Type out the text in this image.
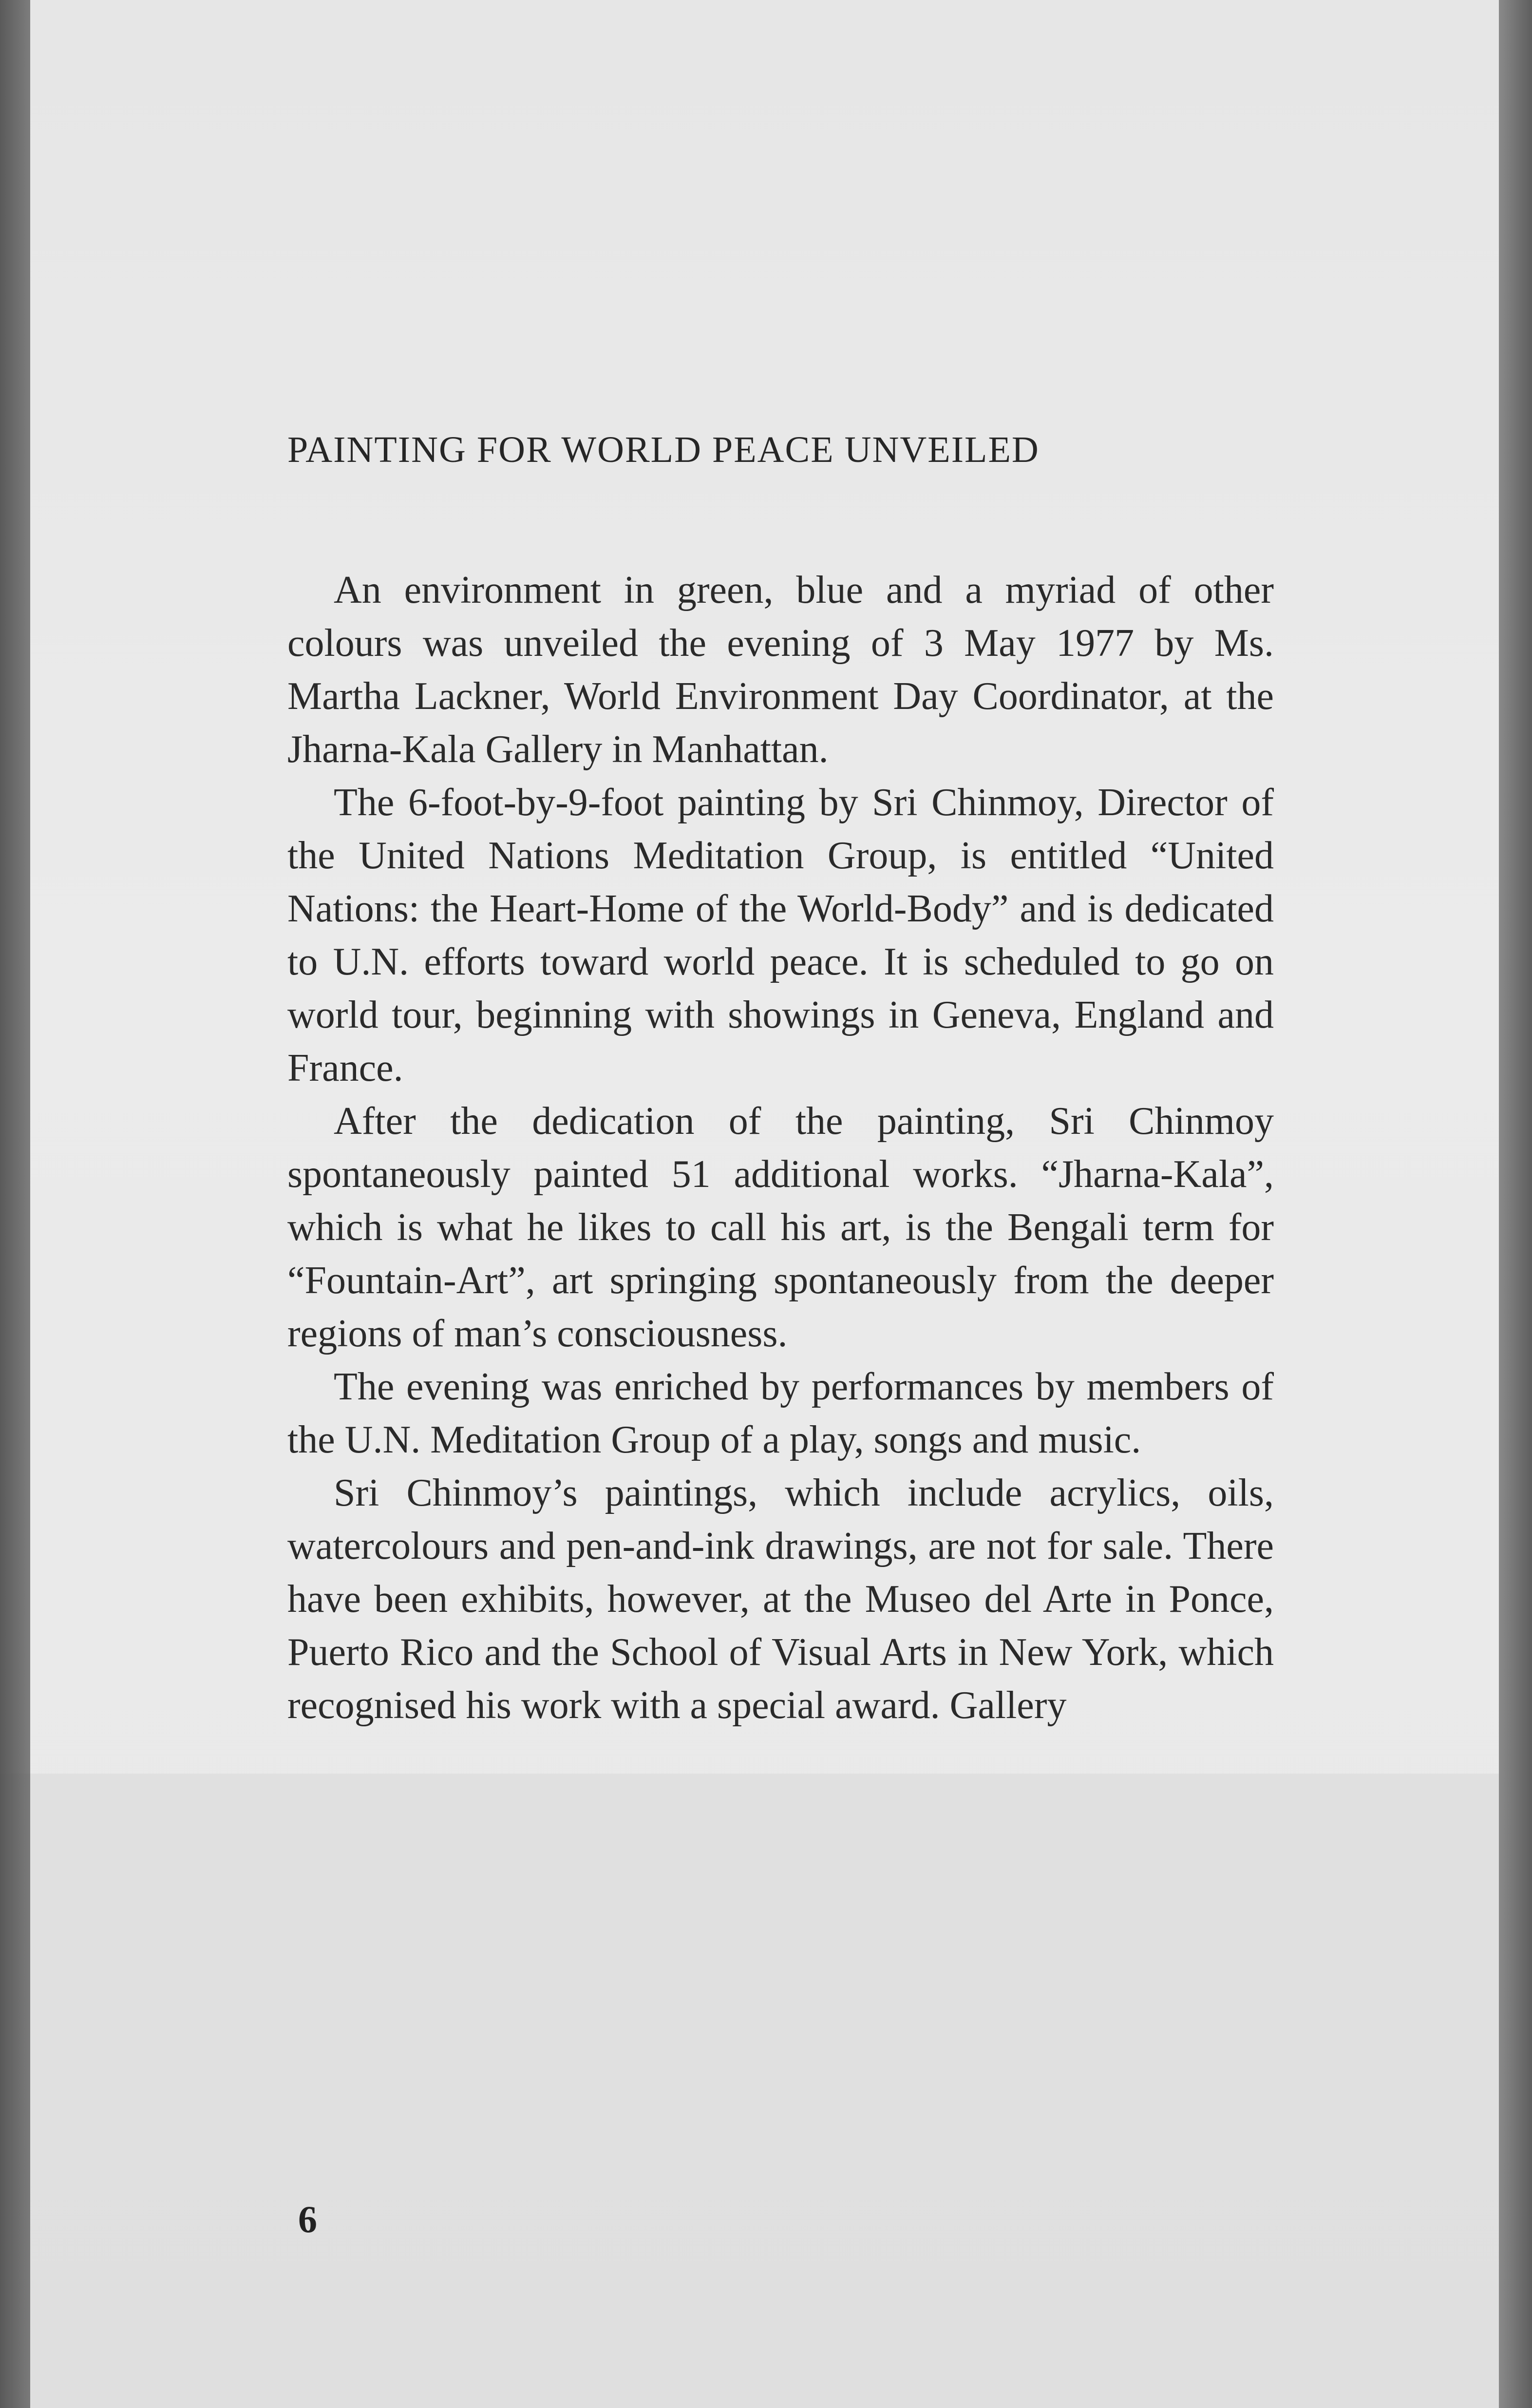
PAINTING FOR WORLD PEACE UNVEILED

An environment in green, blue and a myriad of other colours was unveiled the evening of 3 May 1977 by Ms. Martha Lackner, World Environment Day Coordinator, at the Jharna-Kala Gallery in Manhattan.

The 6-foot-by-9-foot painting by Sri Chinmoy, Director of the United Nations Meditation Group, is entitled “United Nations: the Heart-Home of the World-Body” and is dedicated to U.N. efforts toward world peace. It is scheduled to go on world tour, beginning with showings in Geneva, England and France.

After the dedication of the painting, Sri Chinmoy spontaneously painted 51 additional works. “Jharna-Kala”, which is what he likes to call his art, is the Bengali term for “Fountain-Art”, art springing spontaneously from the deeper regions of man’s consciousness.

The evening was enriched by performances by members of the U.N. Meditation Group of a play, songs and music.

Sri Chinmoy’s paintings, which include acrylics, oils, watercolours and pen-and-ink drawings, are not for sale. There have been exhibits, however, at the Museo del Arte in Ponce, Puerto Rico and the School of Visual Arts in New York, which recognised his work with a special award. Gallery

6
